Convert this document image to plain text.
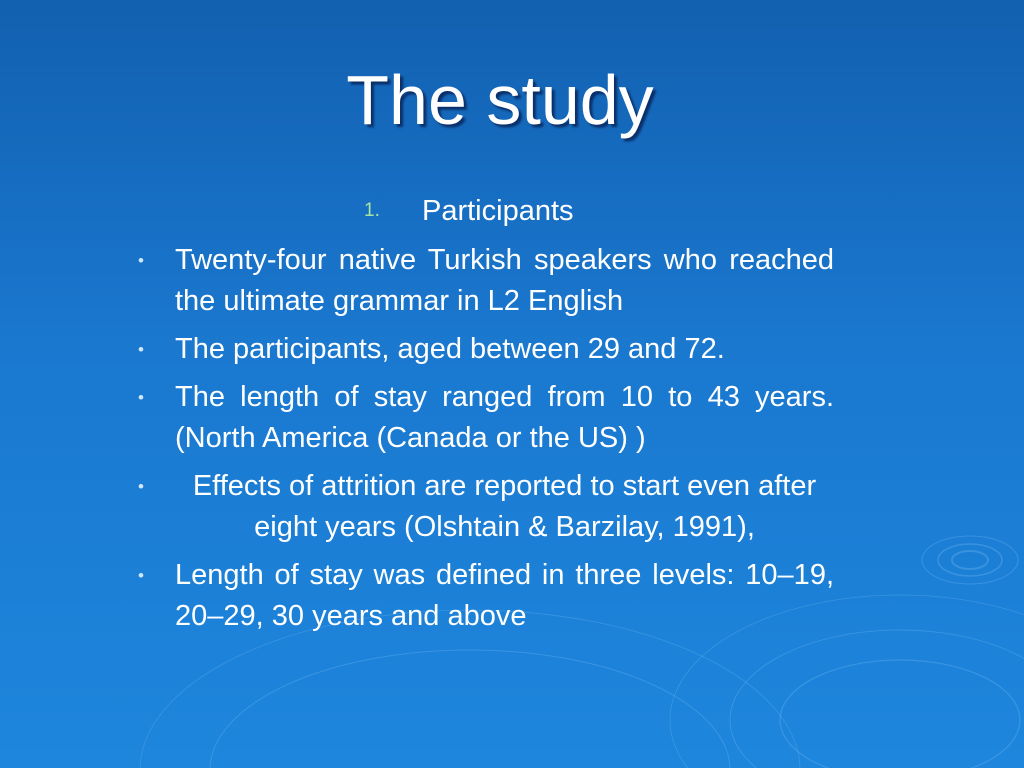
The study
1. Participants
• Twenty-four native Turkish speakers who reached the ultimate grammar in L2 English
• The participants, aged between 29 and 72.
• The length of stay ranged from 10 to 43 years. (North America (Canada or the US) )
•	Effects of attrition are reported to start even after eight years (Olshtain & Barzilay, 1991),
• Length of stay was defined in three levels: 10–19, 20–29, 30 years and above
